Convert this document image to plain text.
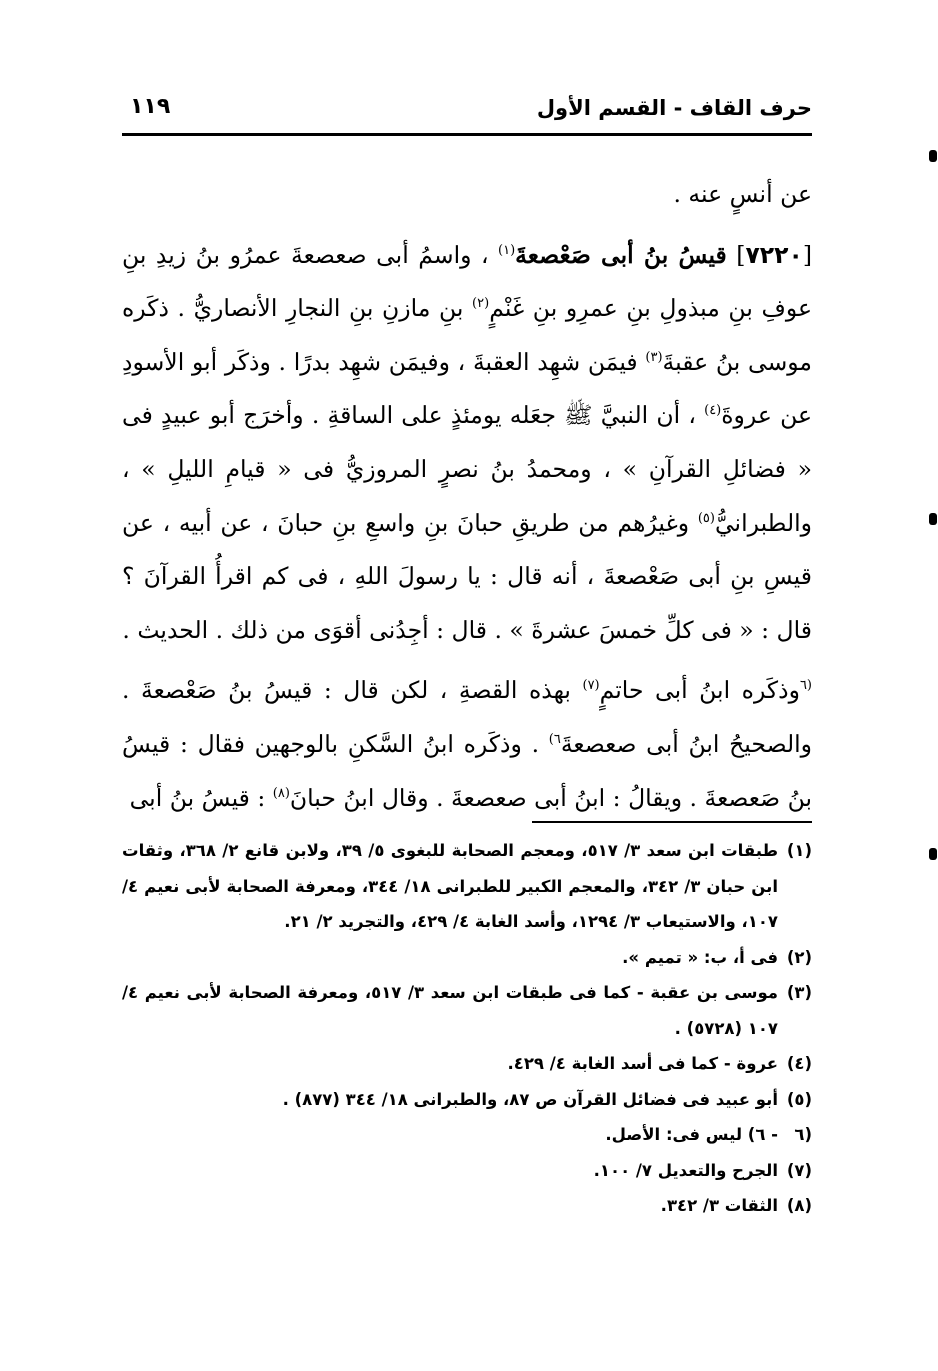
حرف القاف - القسم الأول
١١٩

عن أنسٍ عنه .

[٧٢٢٠] قيسُ بنُ أبى صَعْصعةَ$^{(١)}$ ، واسمُ أبى صعصعةَ عمرُو بنُ زيدِ بنِ عوفِ بنِ مبذولِ بنِ عمرِو بنِ غَنْمٍ$^{(٢)}$ بنِ مازنِ بنِ النجارِ الأنصاريُّ . ذكَره موسى بنُ عقبةَ$^{(٣)}$ فيمَن شهِد العقبةَ ، وفيمَن شهِد بدرًا . وذكَر أبو الأسودِ عن عروةَ$^{(٤)}$ ، أن النبيَّ ﷺ جعَله يومئذٍ على الساقةِ . وأخرَج أبو عبيدٍ فى « فضائلِ القرآنِ » ، ومحمدُ بنُ نصرٍ المروزيُّ فى « قيامِ الليلِ » ، والطبرانيُّ$^{(٥)}$ وغيرُهم من طريقِ حبانَ بنِ واسعِ بنِ حبانَ ، عن أبيه ، عن قيسِ بنِ أبى صَعْصعةَ ، أنه قال : يا رسولَ اللهِ ، فى كم اقرأُ القرآنَ ؟ قال : « فى كلِّ خمسَ عشرةَ » . قال : أجِدُنى أقوَى من ذلك . الحديث .

$^{(٦}$وذكَره ابنُ أبى حاتمٍ$^{(٧)}$ بهذه القصةِ ، لكن قال : قيسُ بنُ صَعْصعةَ . والصحيحُ ابنُ أبى صعصعةَ$^{٦)}$ . وذكَره ابنُ السَّكنِ بالوجهين فقال : قيسُ بنُ صَعصعةَ . ويقالُ : ابنُ أبى صعصعةَ . وقال ابنُ حبانَ$^{(٨)}$ : قيسُ بنُ أبى

(١)
طبقات ابن سعد ٣/ ٥١٧، ومعجم الصحابة للبغوى ٥/ ٣٩، ولابن قانع ٢/ ٣٦٨، وثقات ابن حبان ٣/ ٣٤٢، والمعجم الكبير للطبرانى ١٨/ ٣٤٤، ومعرفة الصحابة لأبى نعيم ٤/ ١٠٧، والاستيعاب ٣/ ١٢٩٤، وأسد الغابة ٤/ ٤٢٩، والتجريد ٢/ ٢١.
(٢)
فى أ، ب: « تميم ».
(٣)
موسى بن عقبة - كما فى طبقات ابن سعد ٣/ ٥١٧، ومعرفة الصحابة لأبى نعيم ٤/ ١٠٧ (٥٧٢٨) .
(٤)
عروة - كما فى أسد الغابة ٤/ ٤٢٩.
(٥)
أبو عبيد فى فضائل القرآن ص ٨٧، والطبرانى ١٨/ ٣٤٤ (٨٧٧) .
(٦
- ٦) ليس فى: الأصل.
(٧)
الجرح والتعديل ٧/ ١٠٠.
(٨)
الثقات ٣/ ٣٤٢.
